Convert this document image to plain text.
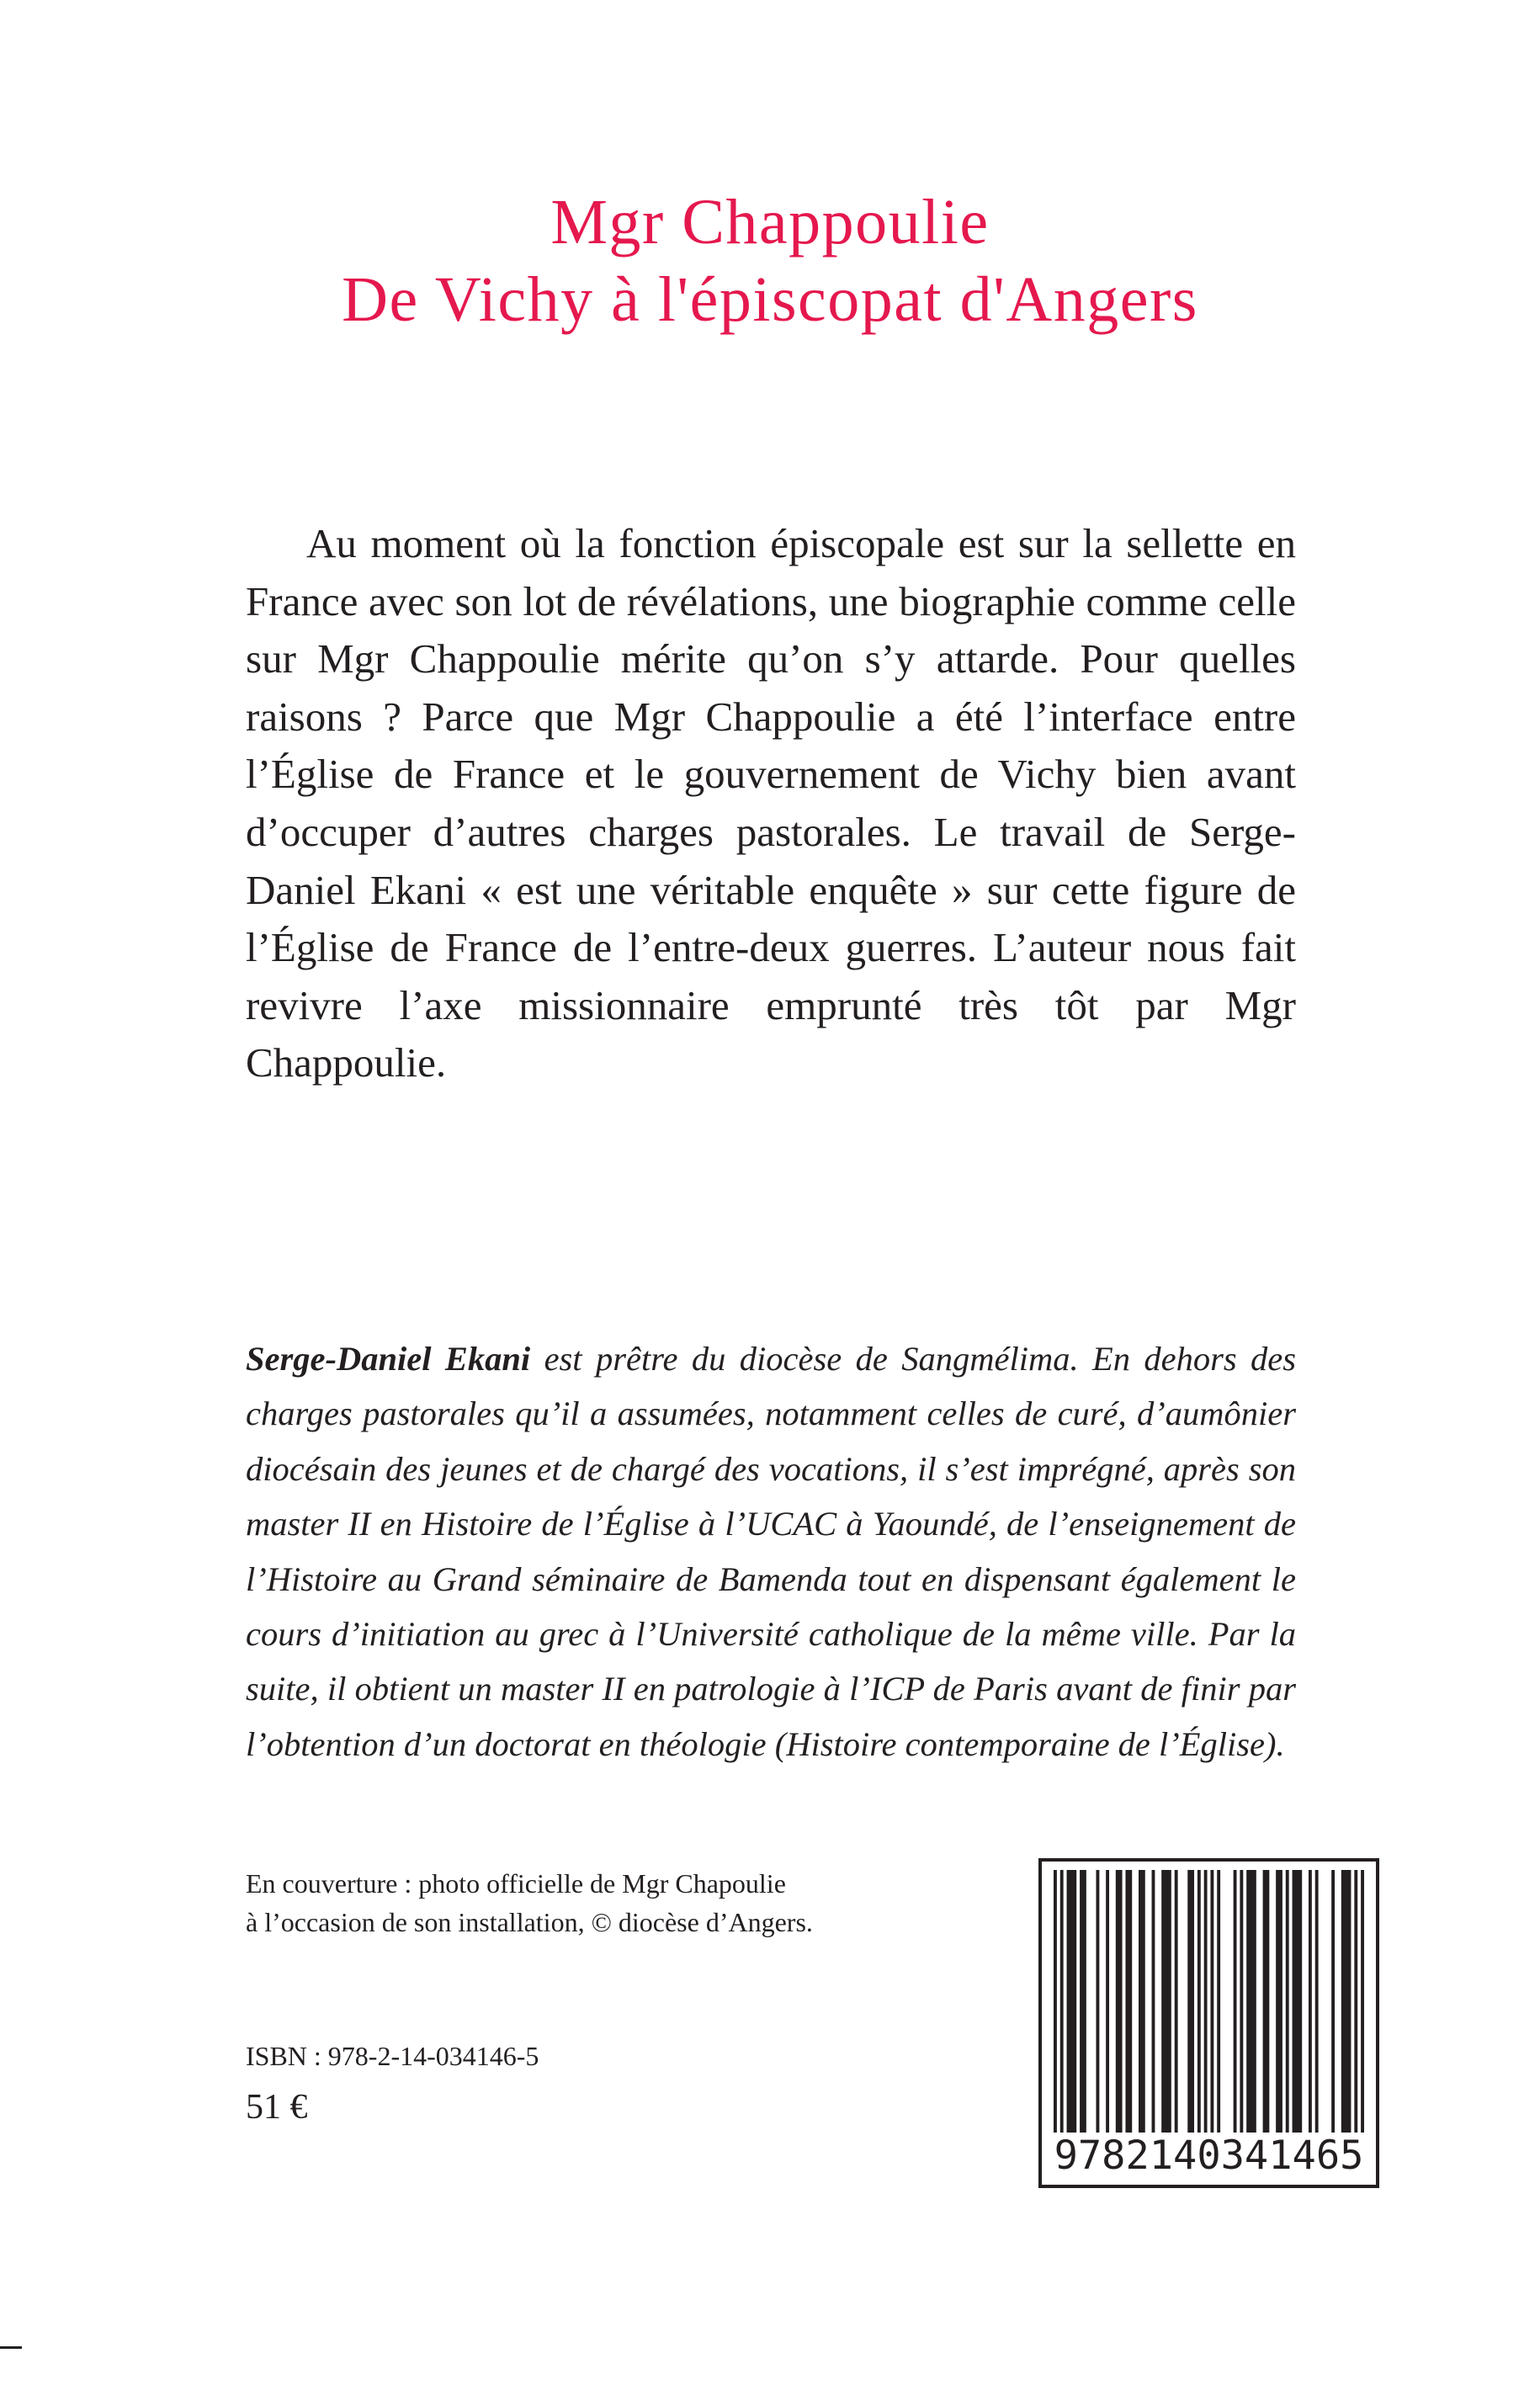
Mgr Chappoulie
De Vichy à l'épiscopat d'Angers

Au moment où la fonction épiscopale est sur la sellette en France avec son lot de révélations, une biographie comme celle sur Mgr Chappoulie mérite qu’on s’y attarde. Pour quelles raisons ? Parce que Mgr Chappoulie a été l’interface entre l’Église de France et le gouvernement de Vichy bien avant d’occuper d’autres charges pastorales. Le travail de Serge-Daniel Ekani « est une véritable enquête » sur cette figure de l’Église de France de l’entre-deux guerres. L’auteur nous fait revivre l’axe missionnaire emprunté très tôt par Mgr Chappoulie.

Serge-Daniel Ekani est prêtre du diocèse de Sangmélima. En dehors des charges pastorales qu’il a assumées, notamment celles de curé, d’aumônier diocésain des jeunes et de chargé des vocations, il s’est imprégné, après son master II en Histoire de l’Église à l’UCAC à Yaoundé, de l’enseignement de l’Histoire au Grand séminaire de Bamenda tout en dispensant également le cours d’initiation au grec à l’Université catholique de la même ville. Par la suite, il obtient un master II en patrologie à l’ICP de Paris avant de finir par l’obtention d’un doctorat en théologie (Histoire contemporaine de l’Église).

En couverture : photo officielle de Mgr Chapoulie
à l’occasion de son installation, © diocèse d’Angers.
ISBN : 978-2-14-034146-5
51 €
9782140341465
